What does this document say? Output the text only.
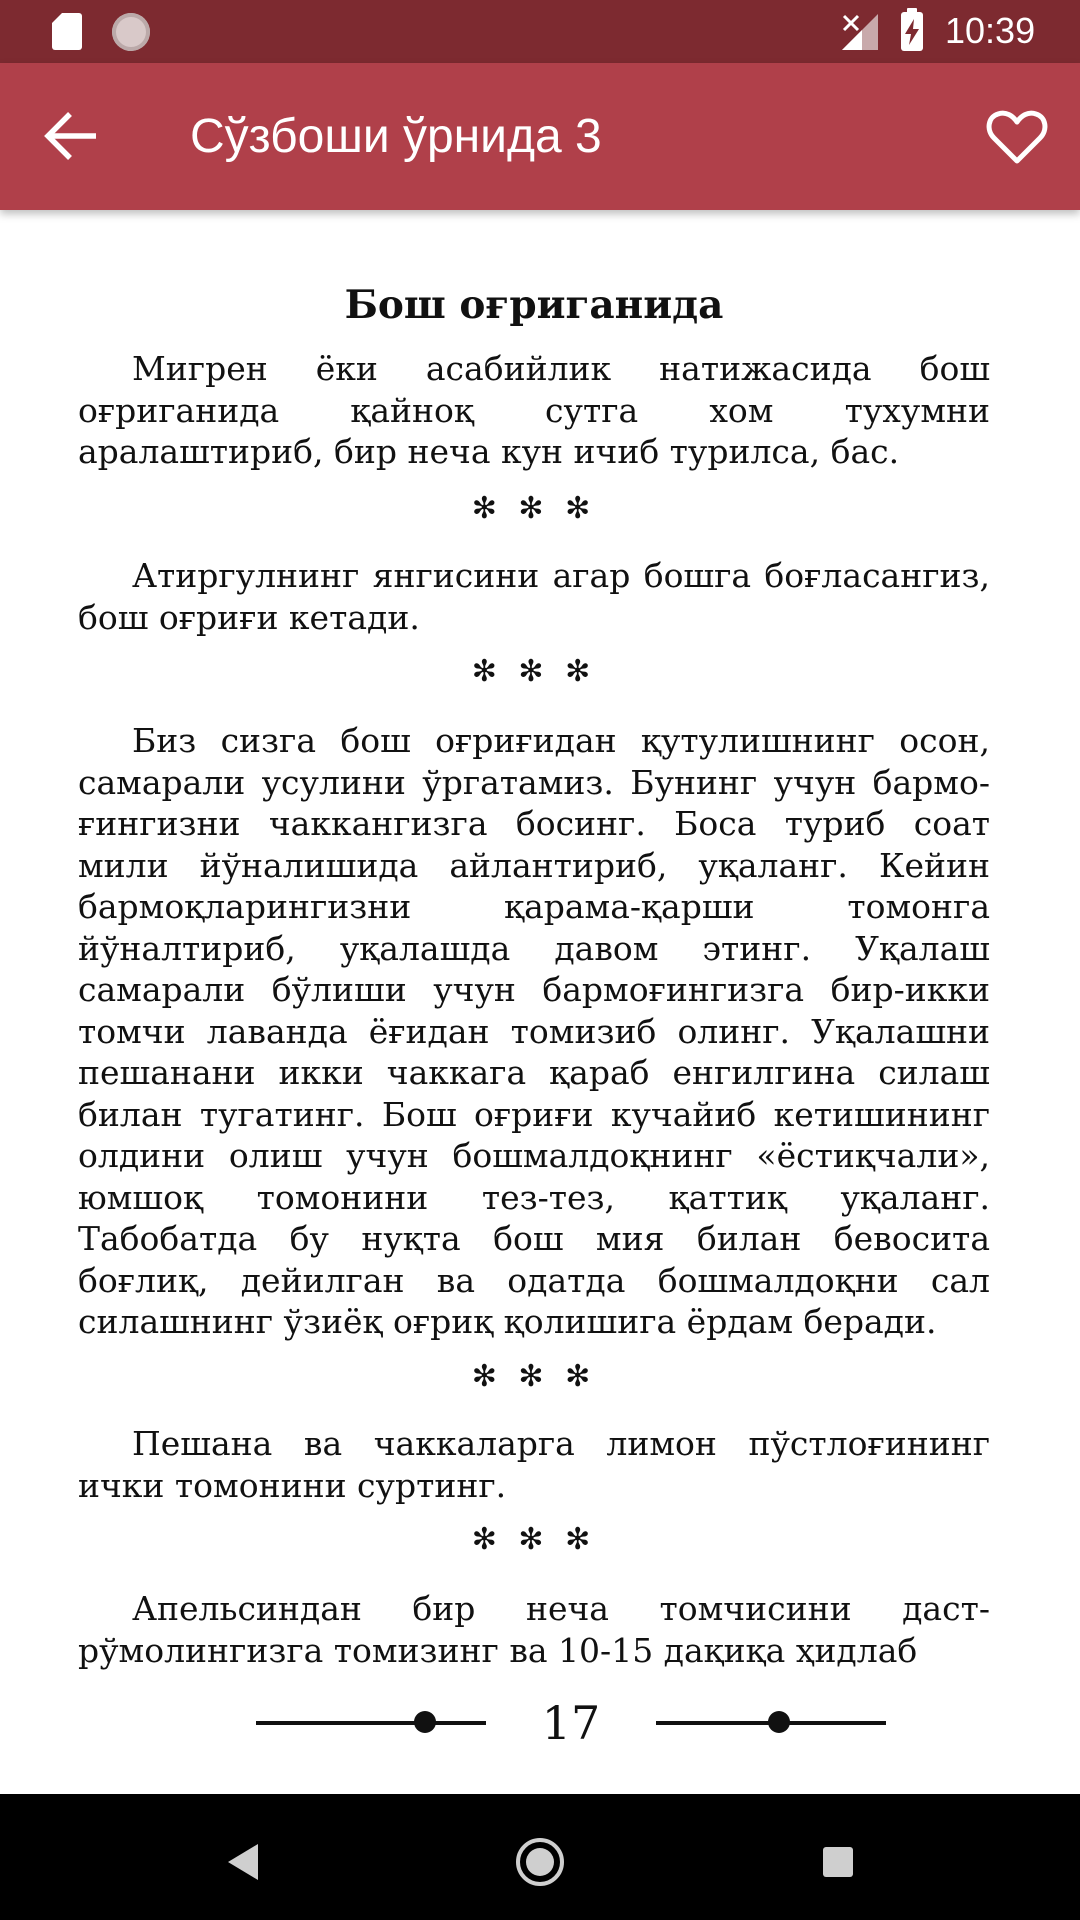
10:39
Сўзбоши ўрнида 3
Бош оғриганида

Мигрен ёки асабийлик натижасида бош оғриганида қайноқ сутга хом тухумни аралаштириб, бир неча кун ичиб турилса, бас.

✻ ✻ ✻

Атиргулнинг янгисини агар бошга боғласангиз, бош оғриғи кетади.

✻ ✻ ✻

Биз сизга бош оғриғидан қутулишнинг осон, самарали усулини ўргатамиз. Бунинг учун бармоғингизни чаккангизга босинг. Боса туриб соат мили йўналишида айлантириб, уқаланг. Кейин бармоқларингизни қарама-қарши томонга йўналтириб, уқалашда давом этинг. Уқалаш самарали бўлиши учун бармоғингизга бир-икки томчи лаванда ёғидан томизиб олинг. Уқалашни пешанани икки чаккага қараб енгилгина силаш билан тугатинг. Бош оғриғи кучайиб кетишининг олдини олиш учун бошмалдоқнинг «ёстиқчали», юмшоқ томонини тез-тез, қаттиқ уқаланг. Табобатда бу нуқта бош мия билан бевосита боғлиқ, дейилган ва одатда бошмалдоқни сал силашнинг ўзиёқ оғриқ қолишига ёрдам беради.

✻ ✻ ✻

Пешана ва чаккаларга лимон пўстлоғининг ички томонини суртинг.

✻ ✻ ✻

Апельсиндан бир неча томчисини дастрўмолингизга томизинг ва 10-15 дақиқа ҳидлаб

17
